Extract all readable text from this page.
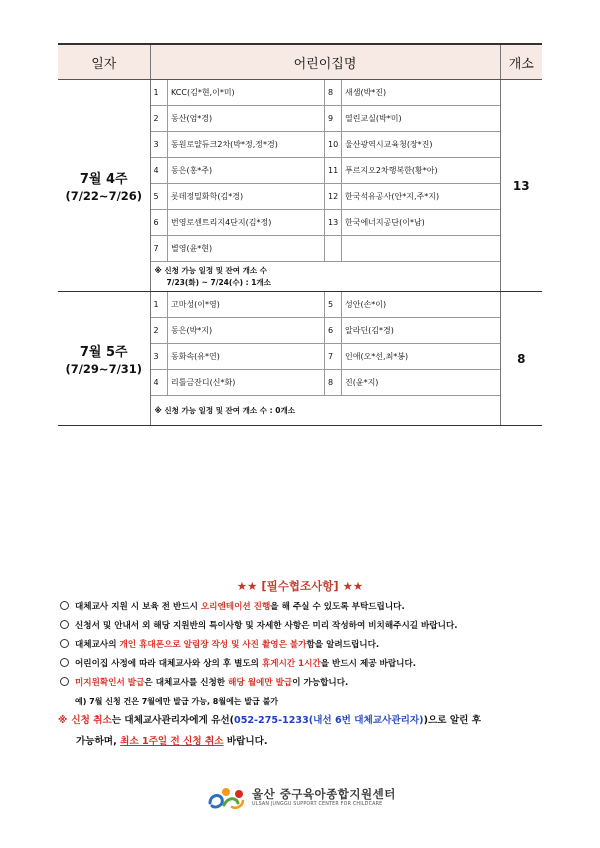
일자	어린이집명	개소

7월 4주
(7/22~7/26)

1	KCC(김*현,이*미)	8	새샘(박*진)
2	동산(엄*경)	9	열린교실(박*미)
3	동원로얄듀크2차(박*정,정*경)	10	울산광역시교육청(장*진)
4	동은(홍*주)	11	푸르지오2차행복한(황*아)
5	롯데정밀화학(김*경)	12	한국석유공사(안*지,주*지)
6	번영로센트리지4단지(김*정)	13	한국에너지공단(이*남)
7	별영(윤*현)		

※ 신청 가능 일정 및 잔여 개소 수
7/23(화) ~ 7/24(수) : 1개소
	13

7월 5주
(7/29~7/31)

1	고마성(이*영)	5	성안(손*이)
2	동은(박*지)	6	알라딘(김*경)
3	동화속(유*연)	7	인애(오*선,최*봉)
4	리틀금잔디(신*화)	8	진(윤*지)

※ 신청 가능 일정 및 잔여 개소 수 : 0개소
	8
★★ [필수협조사항] ★★
대체교사 지원 시 보육 전 반드시 오리엔테이션 진행을 해 주실 수 있도록 부탁드립니다.
신청서 및 안내서 외 해당 지원반의 특이사항 및 자세한 사항은 미리 작성하여 비치해주시길 바랍니다.
대체교사의 개인 휴대폰으로 알림장 작성 및 사진 촬영은 불가함을 알려드립니다.
어린이집 사정에 따라 대체교사와 상의 후 별도의 휴게시간 1시간을 반드시 제공 바랍니다.
미지원확인서 발급은 대체교사를 신청한 해당 월에만 발급이 가능합니다.
예) 7월 신청 건은 7월에만 발급 가능, 8월에는 발급 불가
※ 신청 취소는 대체교사관리자에게 유선(052-275-1233(내선 6번 대체교사관리자))으로 알린 후
가능하며, 최소 1주일 전 신청 취소 바랍니다.
울산 중구육아종합지원센터
ULSAN JUNGGU SUPPORT CENTER FOR CHILDCARE
